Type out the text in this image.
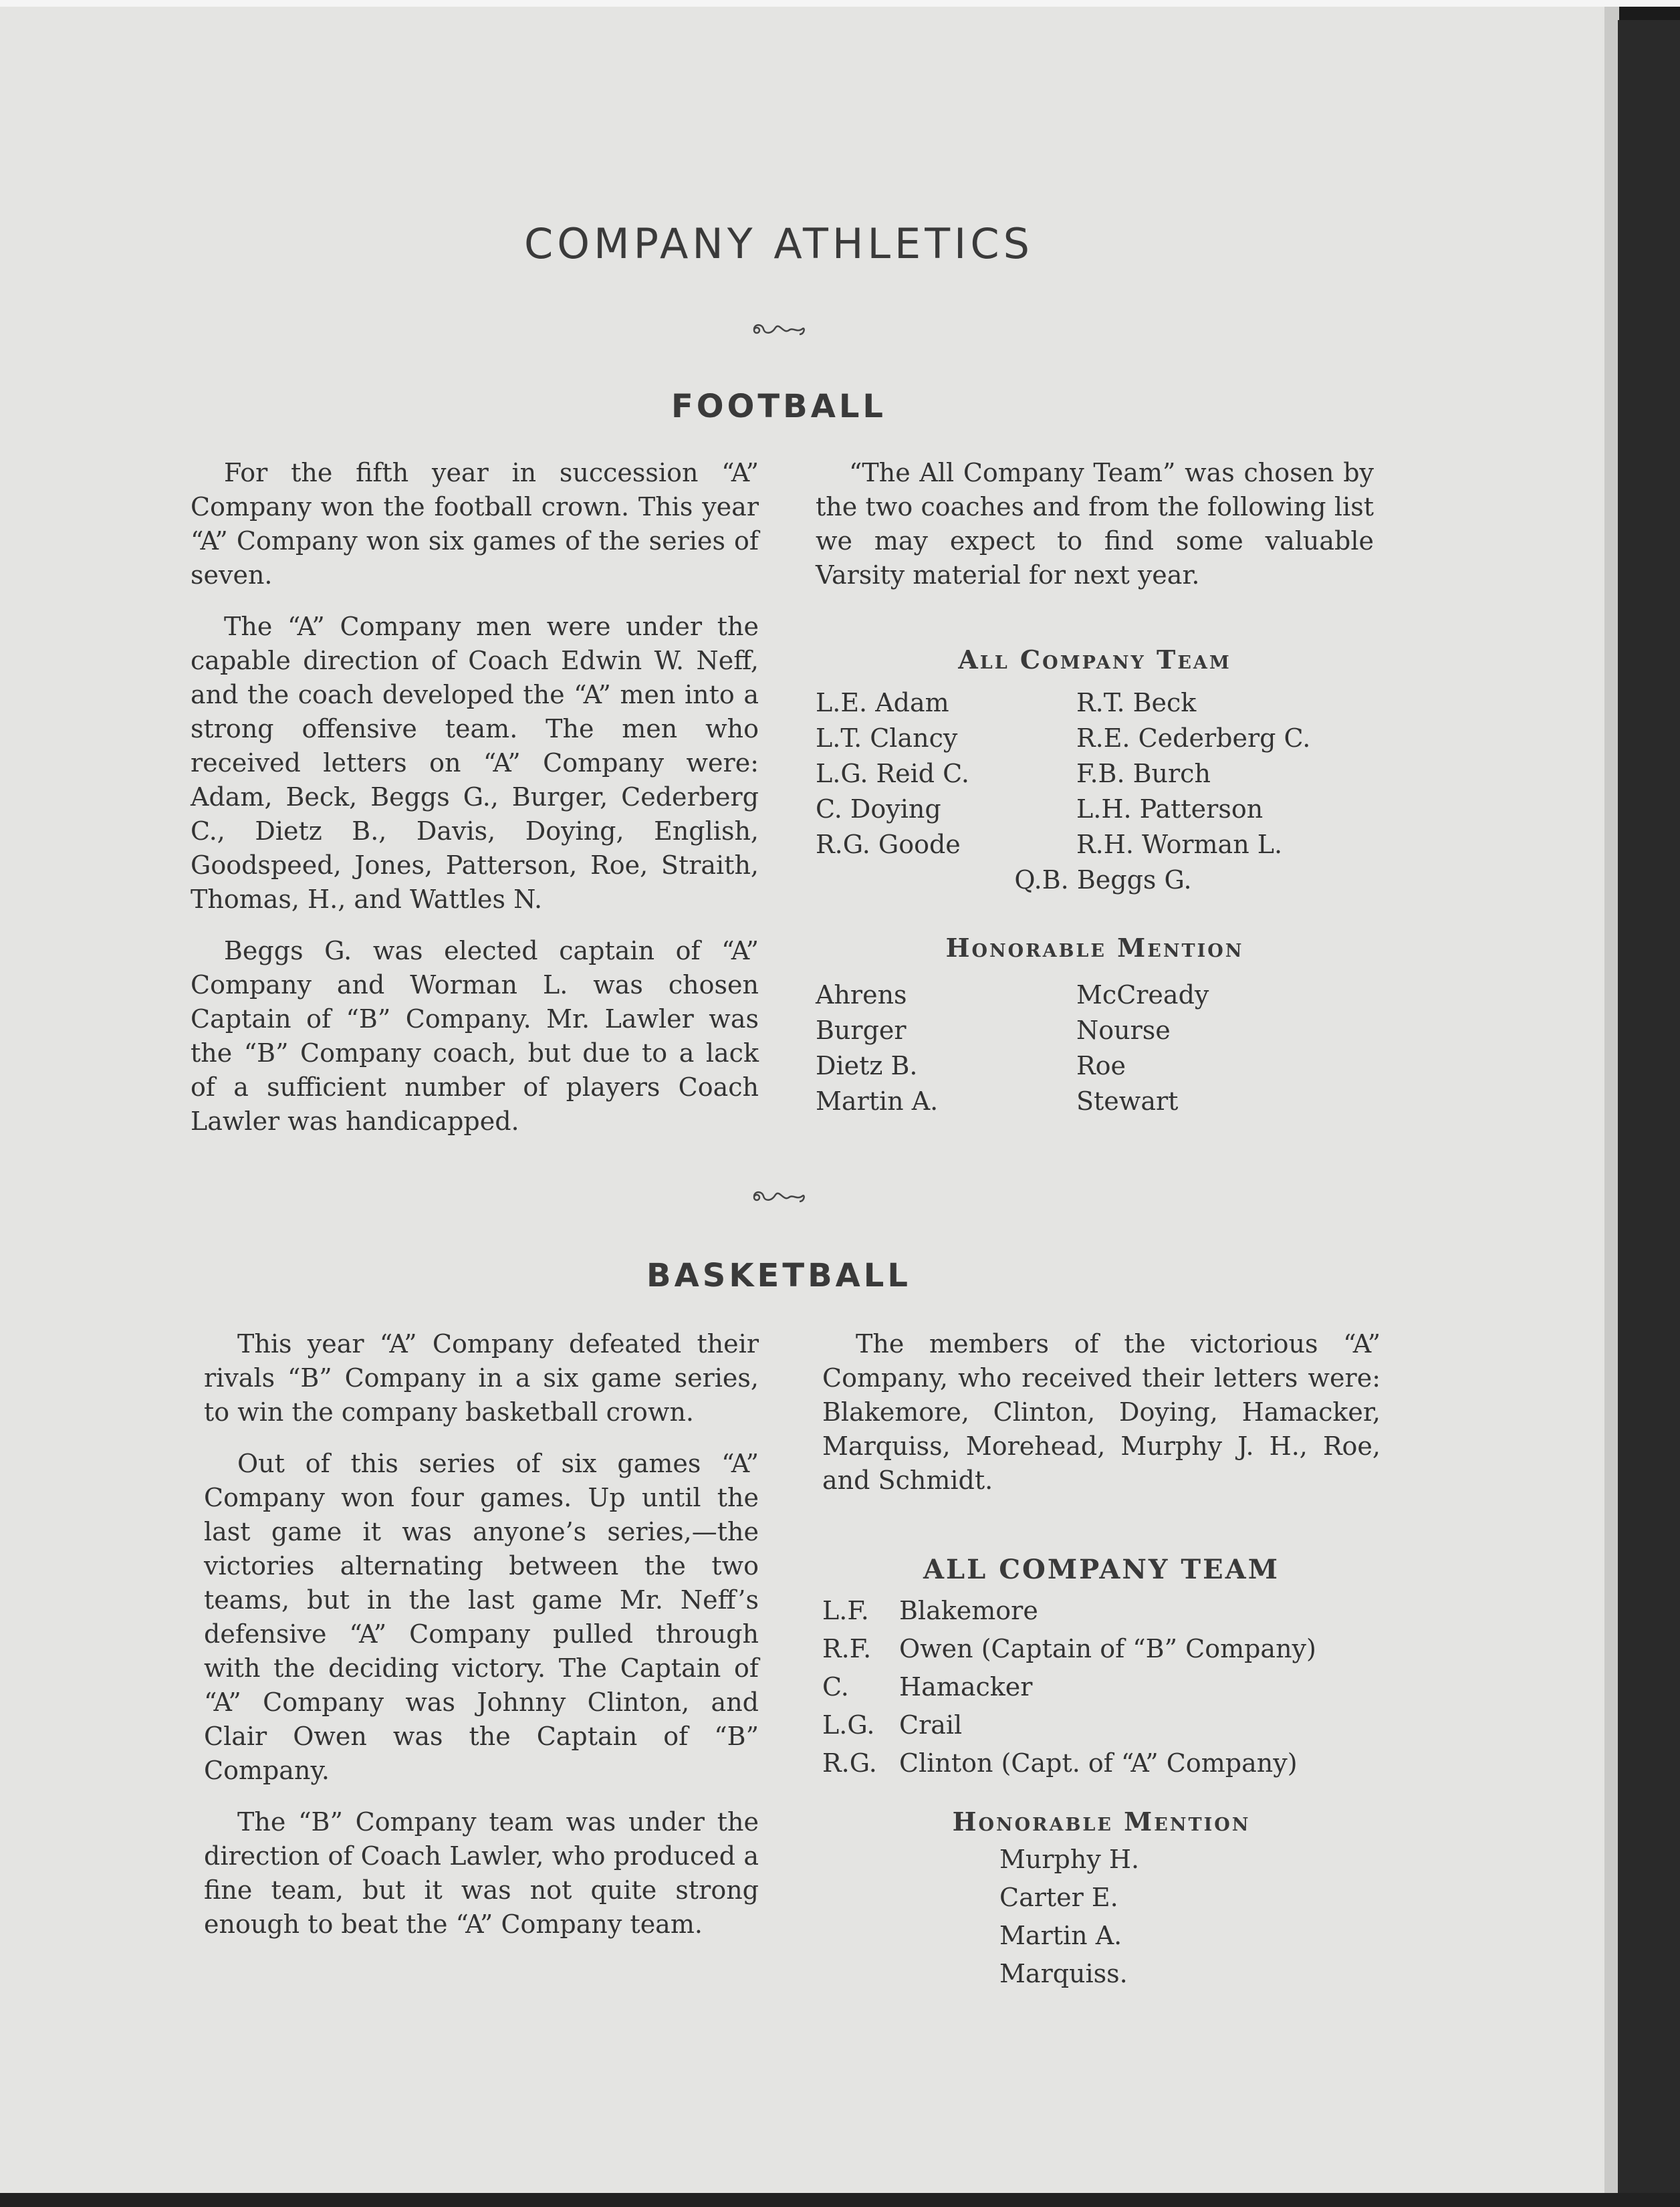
COMPANY ATHLETICS
FOOTBALL

For the fifth year in succession “A” Company won the football crown. This year “A” Company won six games of the series of seven.

The “A” Company men were under the capable direction of Coach Edwin W. Neff, and the coach developed the “A” men into a strong offensive team. The men who received letters on “A” Company were: Adam, Beck, Beggs G., Burger, Cederberg C., Dietz B., Davis, Doying, English, Goodspeed, Jones, Patterson, Roe, Straith, Thomas, H., and Wattles N.

Beggs G. was elected captain of “A” Company and Worman L. was chosen Captain of “B” Company. Mr. Lawler was the “B” Company coach, but due to a lack of a sufficient number of players Coach Lawler was handicapped.

“The All Company Team” was chosen by the two coaches and from the following list we may expect to find some valuable Varsity material for next year.

All Company Team
L.E. Adam	R.T. Beck
L.T. Clancy	R.E. Cederberg C.
L.G. Reid C.	F.B. Burch
C. Doying	L.H. Patterson
R.G. Goode	R.H. Worman L.
Q.B. Beggs G.
Honorable Mention
Ahrens	McCready
Burger	Nourse
Dietz B.	Roe
Martin A.	Stewart
BASKETBALL

This year “A” Company defeated their rivals “B” Company in a six game series, to win the company basketball crown.

Out of this series of six games “A” Company won four games. Up until the last game it was anyone’s series,—the victories alternating between the two teams, but in the last game Mr. Neff’s defensive “A” Company pulled through with the deciding victory. The Captain of “A” Company was Johnny Clinton, and Clair Owen was the Captain of “B” Company.

The “B” Company team was under the direction of Coach Lawler, who produced a fine team, but it was not quite strong enough to beat the “A” Company team.

The members of the victorious “A” Company, who received their letters were: Blakemore, Clinton, Doying, Hamacker, Marquiss, Morehead, Murphy J. H., Roe, and Schmidt.

ALL COMPANY TEAM
L.F.	Blakemore
R.F.	Owen (Captain of “B” Company)
C.	Hamacker
L.G. Crail
R.G. Clinton (Capt. of “A” Company)
Honorable Mention
Murphy H.
Carter E.
Martin A.
Marquiss.
